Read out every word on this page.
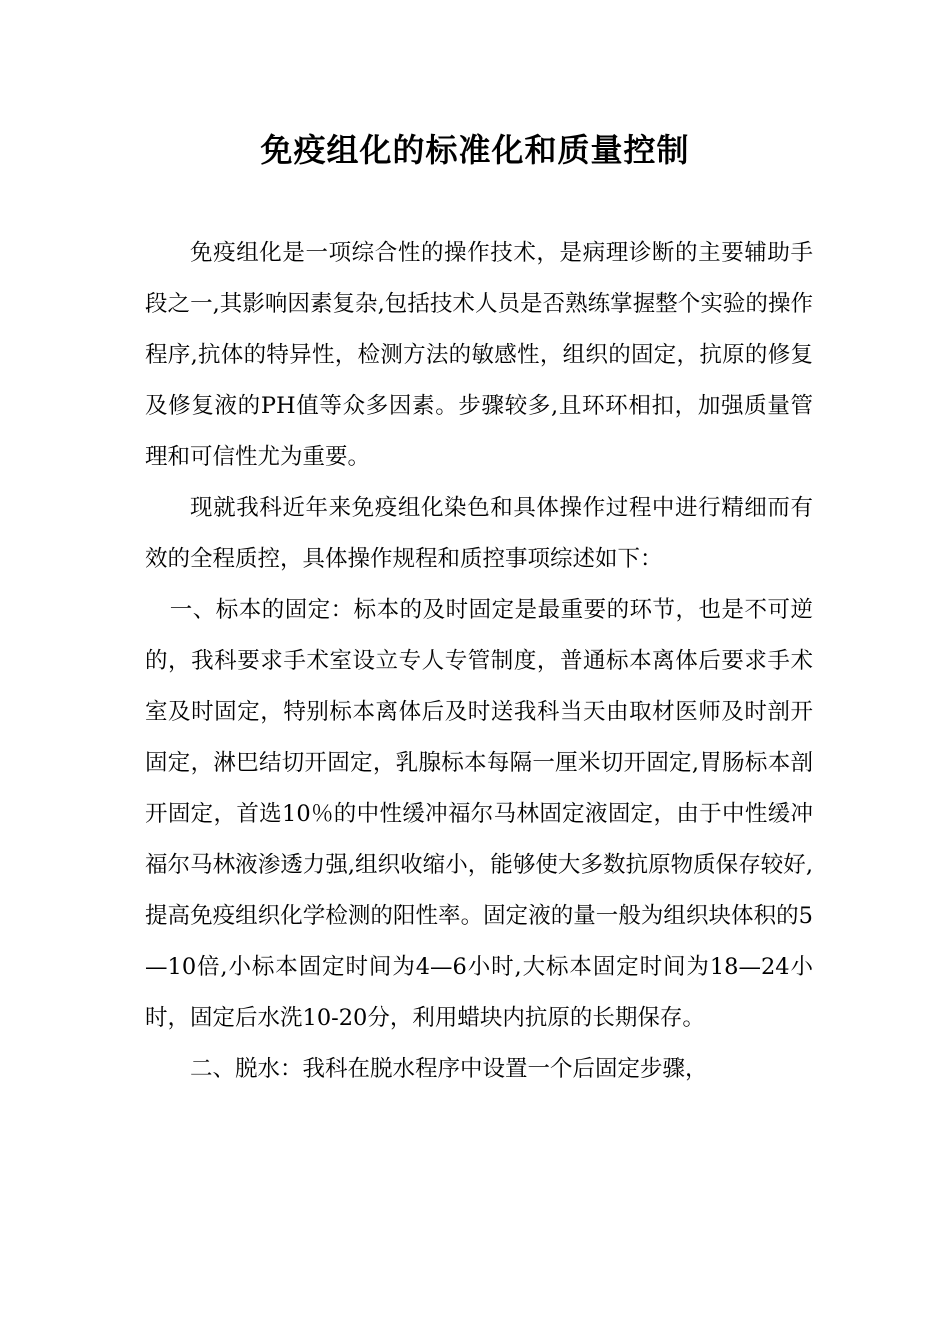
免疫组化的标准化和质量控制

免疫组化是一项综合性的操作技术，是病理诊断的主要辅助手段之一,其影响因素复杂,包括技术人员是否熟练掌握整个实验的操作程序,抗体的特异性，检测方法的敏感性，组织的固定，抗原的修复及修复液的PH值等众多因素。步骤较多,且环环相扣，加强质量管理和可信性尤为重要。

现就我科近年来免疫组化染色和具体操作过程中进行精细而有效的全程质控，具体操作规程和质控事项综述如下：

一、标本的固定：标本的及时固定是最重要的环节，也是不可逆的，我科要求手术室设立专人专管制度，普通标本离体后要求手术室及时固定，特别标本离体后及时送我科当天由取材医师及时剖开固定，淋巴结切开固定，乳腺标本每隔一厘米切开固定,胃肠标本剖开固定，首选10％的中性缓冲福尔马林固定液固定，由于中性缓冲福尔马林液渗透力强,组织收缩小，能够使大多数抗原物质保存较好,提高免疫组织化学检测的阳性率。固定液的量一般为组织块体积的5—10倍,小标本固定时间为4—6小时,大标本固定时间为18—24小时，固定后水洗10-20分，利用蜡块内抗原的长期保存。

二、脱水：我科在脱水程序中设置一个后固定步骤，
